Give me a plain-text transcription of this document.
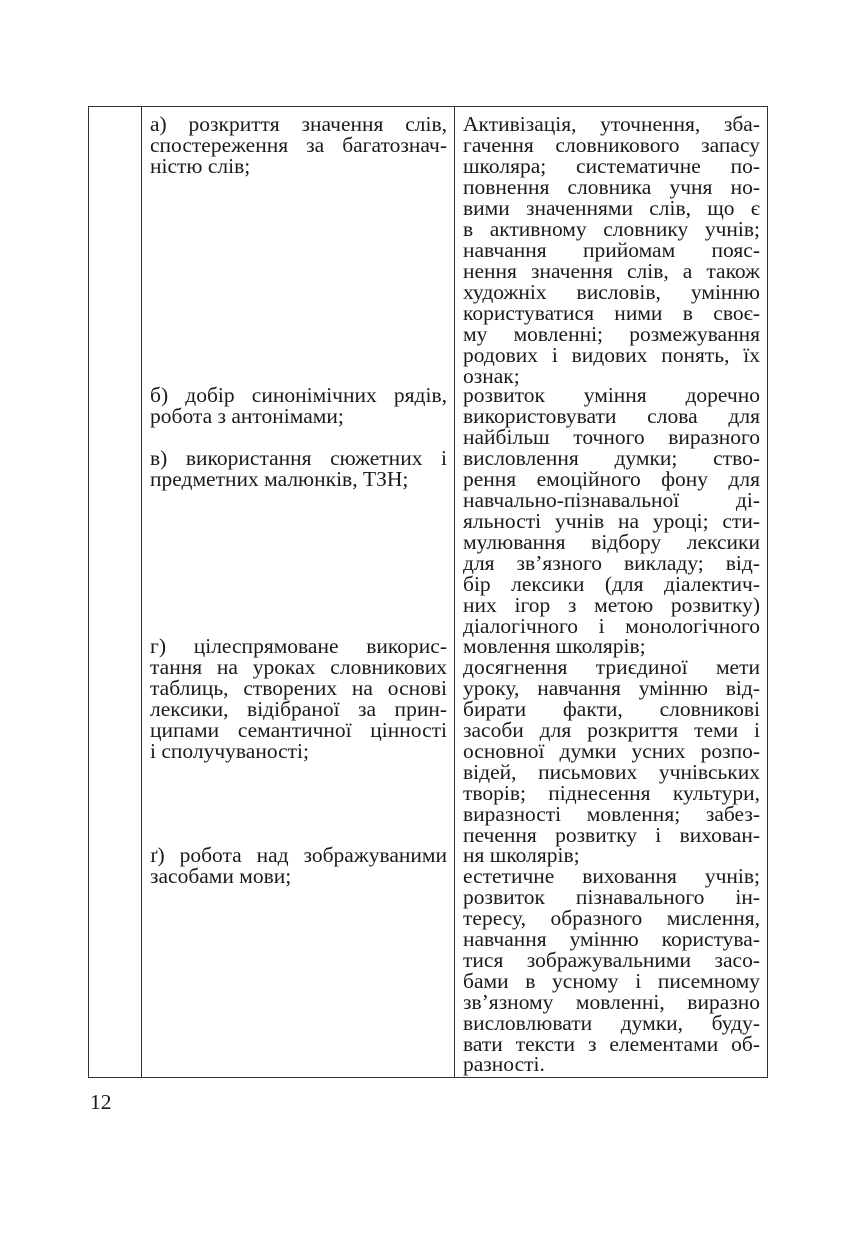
а) розкриття значення слів,
спостереження за багатознач-
ністю слів;
б) добір синонімічних рядів,
робота з антонімами;
в) використання сюжетних і
предметних малюнків, ТЗН;
г) цілеспрямоване викорис-
тання на уроках словникових
таблиць, створених на основі
лексики, відібраної за прин-
ципами семантичної цінності
і сполучуваності;
ґ) робота над зображуваними
засобами мови;
Активізація, уточнення, зба-
гачення словникового запасу
школяра; систематичне по-
повнення словника учня но-
вими значеннями слів, що є
в активному словнику учнів;
навчання прийомам пояс-
нення значення слів, а також
художніх висловів, умінню
користуватися ними в своє-
му мовленні; розмежування
родових і видових понять, їх
ознак;
розвиток уміння доречно
використовувати слова для
найбільш точного виразного
висловлення думки; ство-
рення емоційного фону для
навчально-пізнавальної ді-
яльності учнів на уроці; сти-
мулювання відбору лексики
для зв’язного викладу; від-
бір лексики (для діалектич-
них ігор з метою розвитку)
діалогічного і монологічного
мовлення школярів;
досягнення триєдиної мети
уроку, навчання умінню від-
бирати факти, словникові
засоби для розкриття теми і
основної думки усних розпо-
відей, письмових учнівських
творів; піднесення культури,
виразності мовлення; забез-
печення розвитку і вихован-
ня школярів;
естетичне виховання учнів;
розвиток пізнавального ін-
тересу, образного мислення,
навчання умінню користува-
тися зображувальними засо-
бами в усному і писемному
зв’язному мовленні, виразно
висловлювати думки, буду-
вати тексти з елементами об-
разності.
12
